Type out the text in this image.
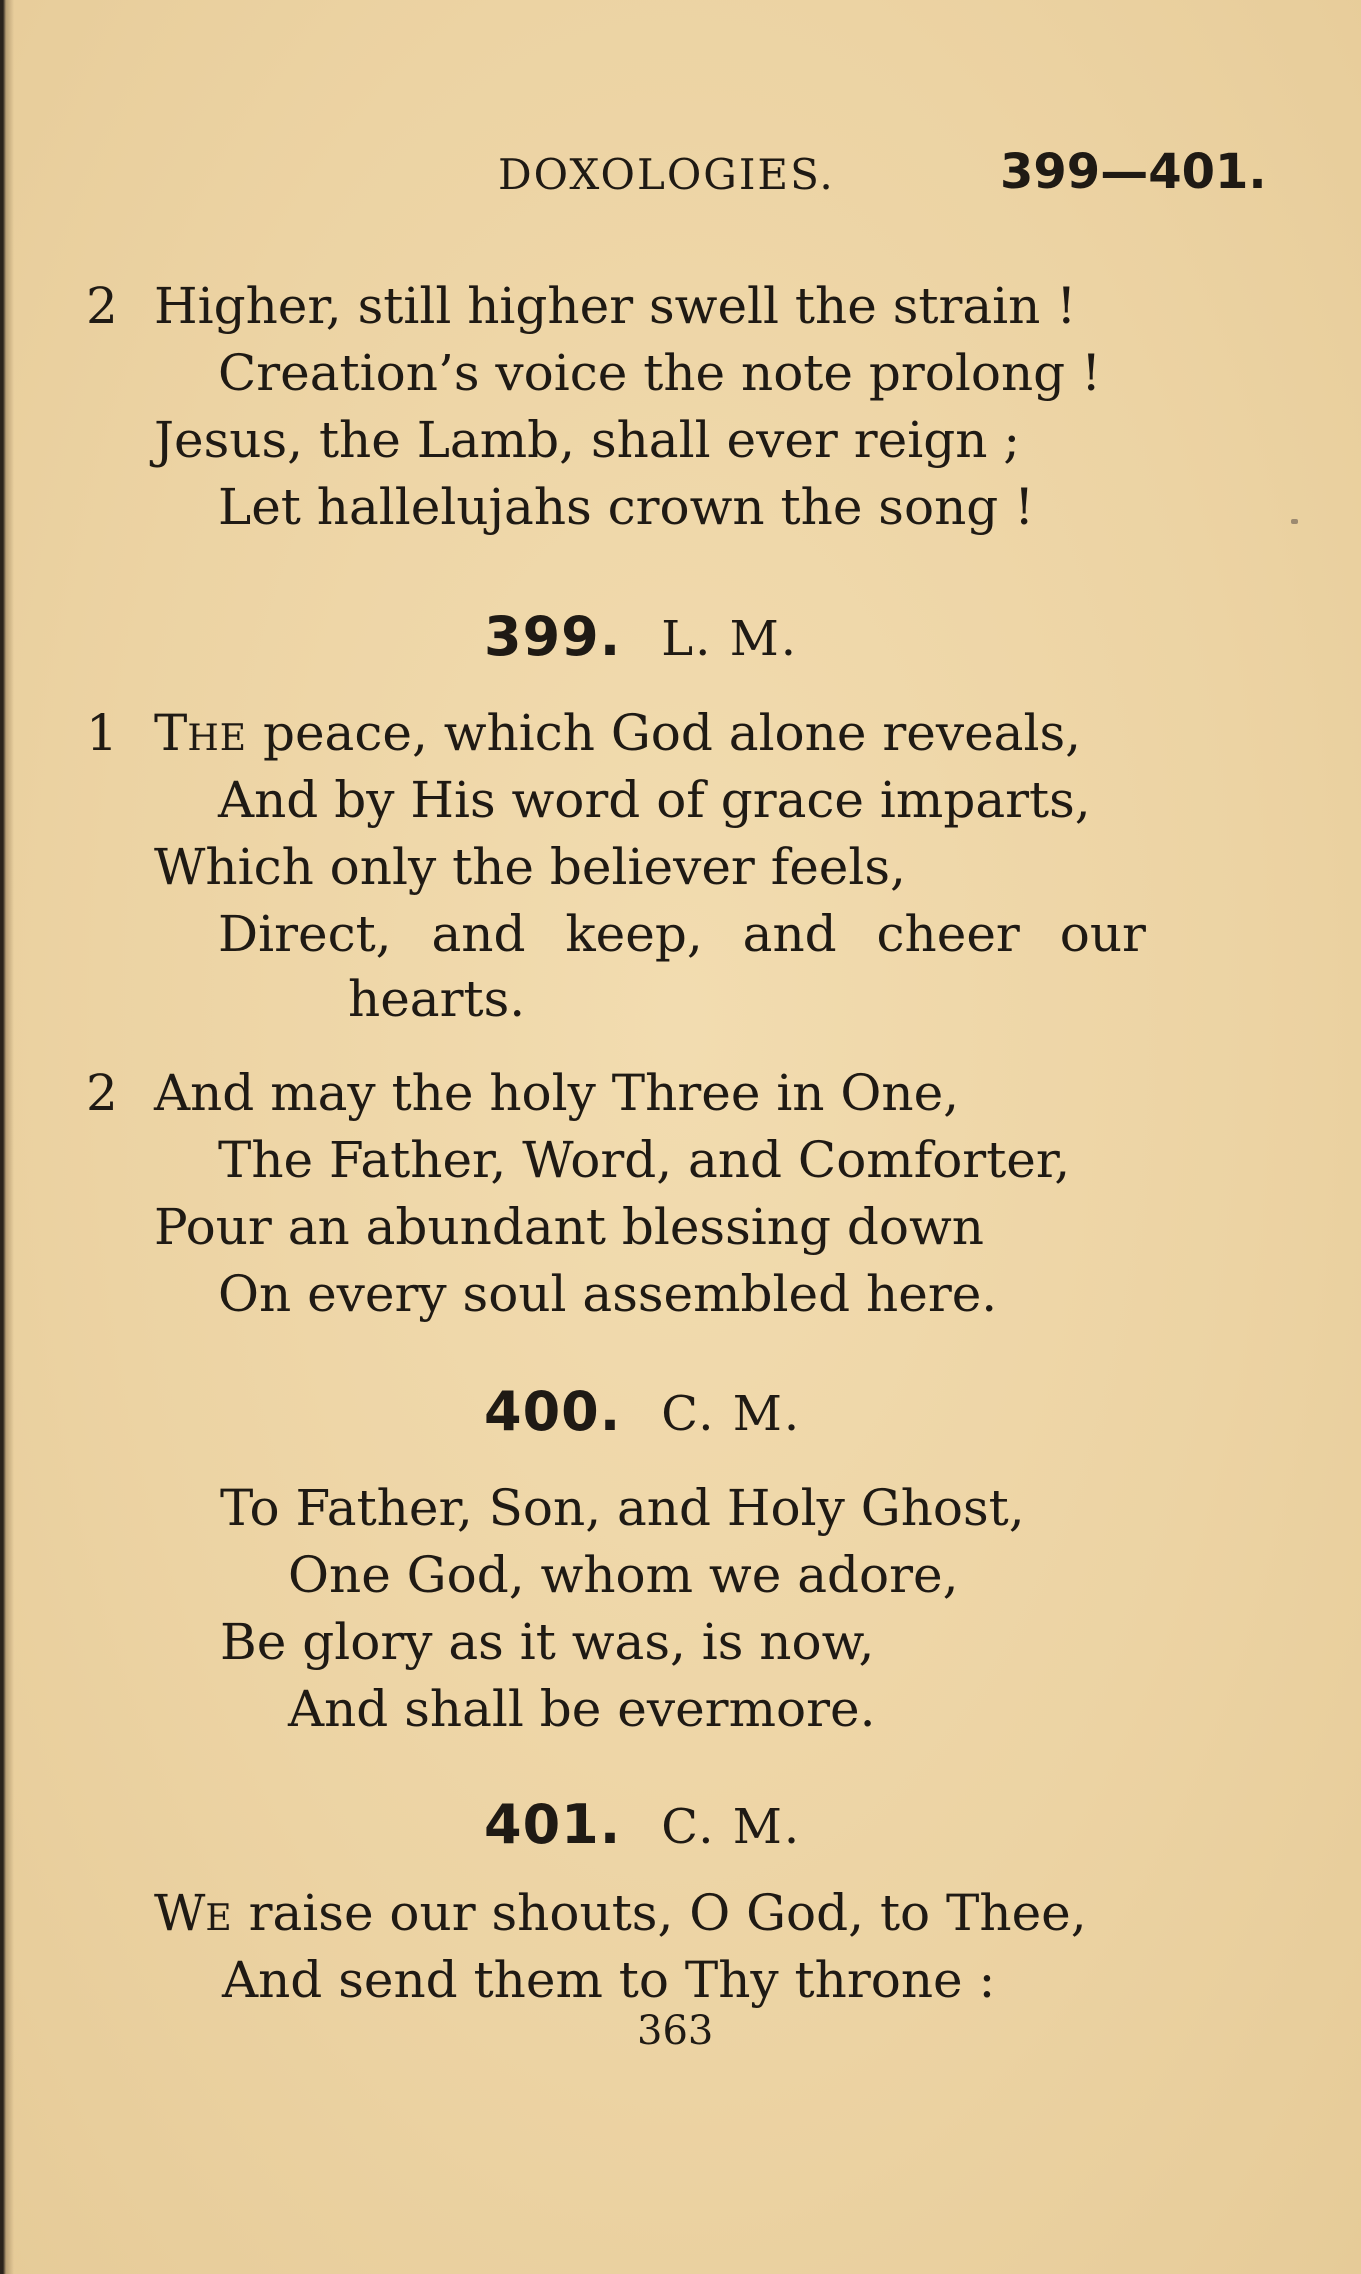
DOXOLOGIES.	399—401.
2 Higher, still higher swell the strain !
Creation’s voice the note prolong !
Jesus, the Lamb, shall ever reign ;
Let hallelujahs crown the song !
399. L. M.
1 THE peace, which God alone reveals,
And by His word of grace imparts,
Which only the believer feels,
Direct, and keep, and cheer our
hearts.
2 And may the holy Three in One,
The Father, Word, and Comforter,
Pour an abundant blessing down
On every soul assembled here.
400. C. M.
To Father, Son, and Holy Ghost,
One God, whom we adore,
Be glory as it was, is now,
And shall be evermore.
401. C. M.
WE raise our shouts, O God, to Thee,
And send them to Thy throne :
363
